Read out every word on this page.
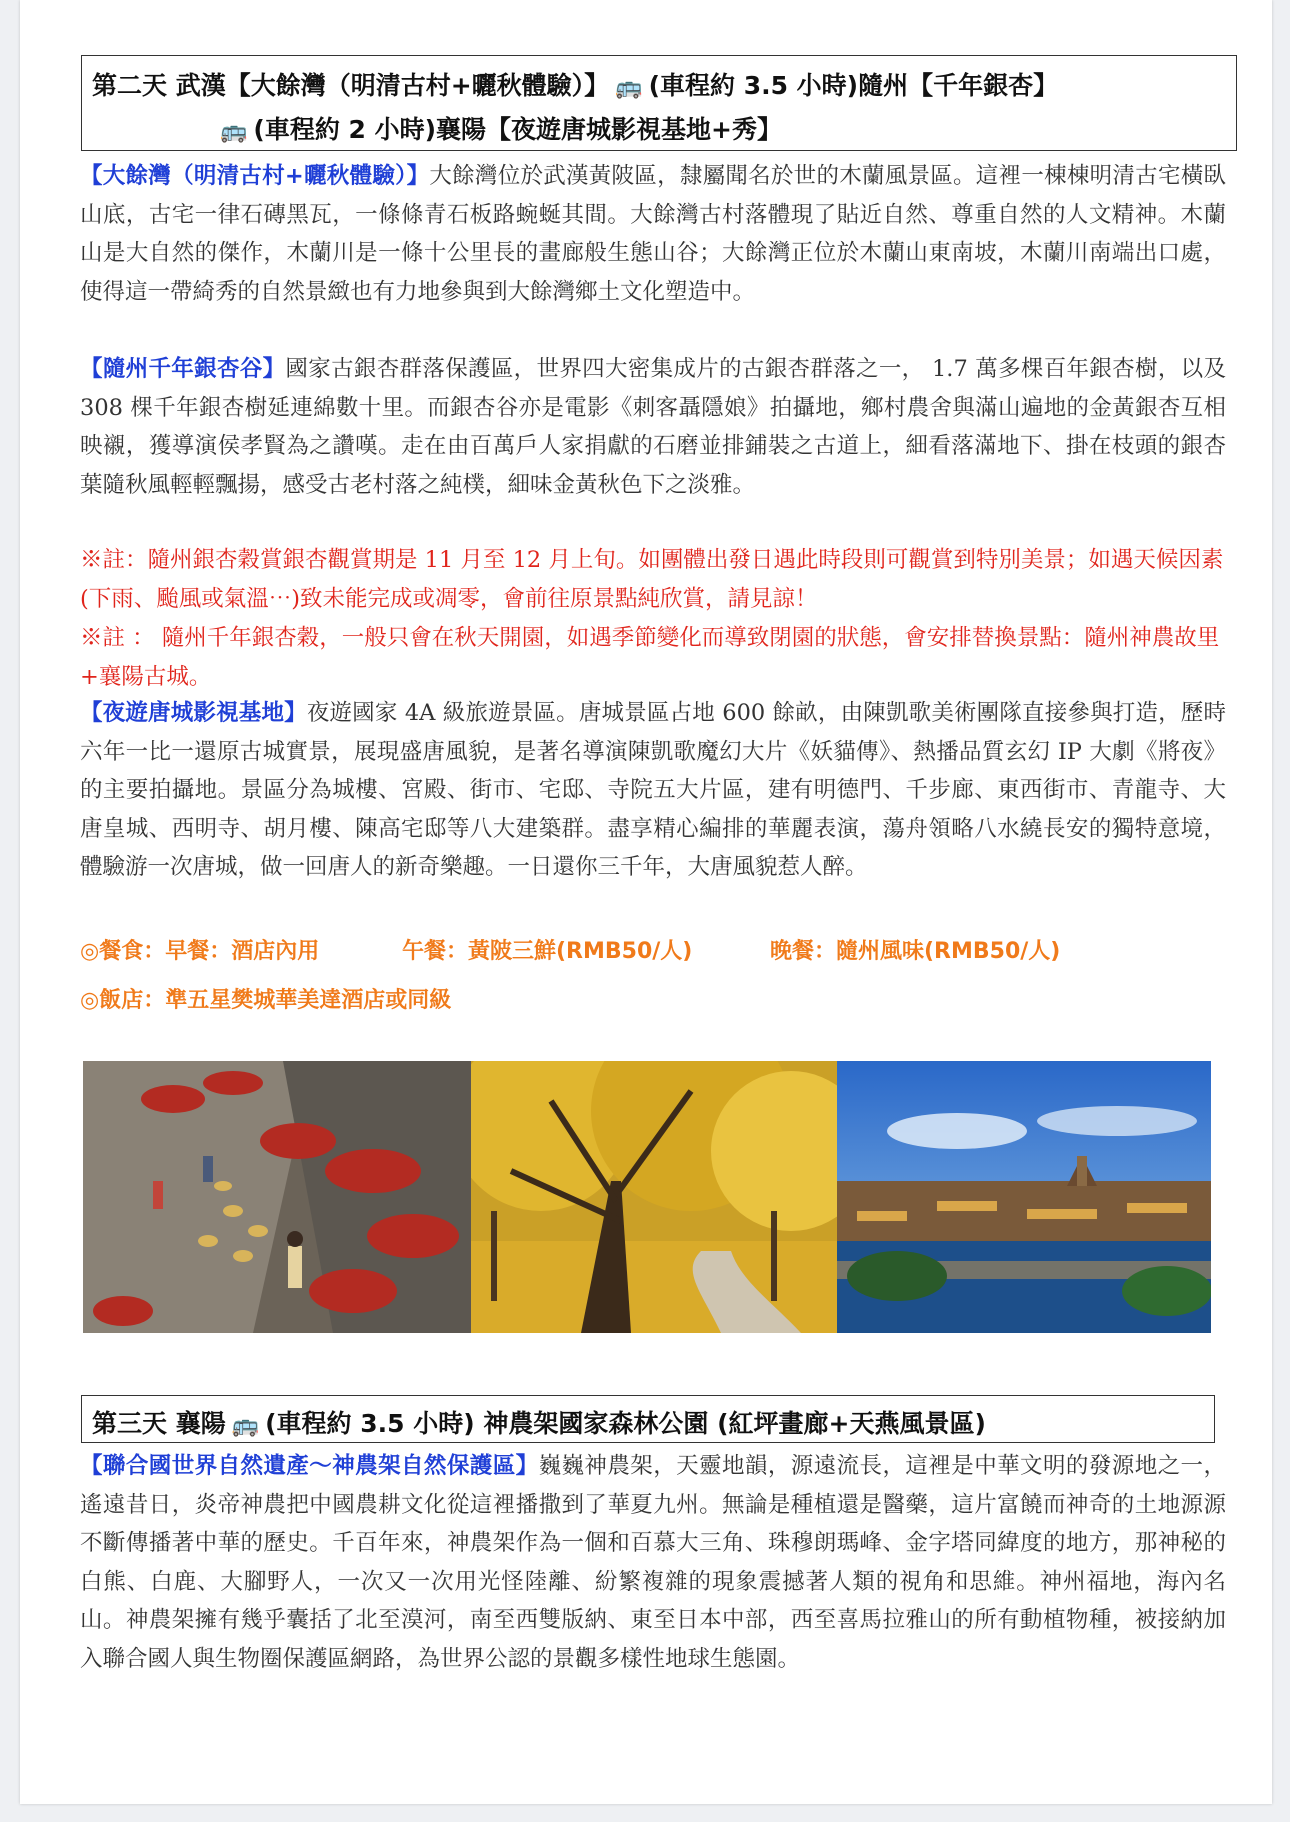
第二天 武漢【大餘灣（明清古村+曬秋體驗）】 🚌 (車程約 3.5 小時)隨州【千年銀杏】
🚌 (車程約 2 小時)襄陽【夜遊唐城影視基地+秀】
【大餘灣（明清古村+曬秋體驗）】大餘灣位於武漢黃陂區，隸屬聞名於世的木蘭風景區。這裡一棟棟明清古宅橫臥山底，古宅一律石磚黑瓦，一條條青石板路蜿蜒其間。大餘灣古村落體現了貼近自然、尊重自然的人文精神。木蘭山是大自然的傑作，木蘭川是一條十公里長的畫廊般生態山谷；大餘灣正位於木蘭山東南坡，木蘭川南端出口處，使得這一帶綺秀的自然景緻也有力地參與到大餘灣鄉土文化塑造中。
【隨州千年銀杏谷】國家古銀杏群落保護區，世界四大密集成片的古銀杏群落之一， 1.7 萬多棵百年銀杏樹，以及 308 棵千年銀杏樹延連綿數十里。而銀杏谷亦是電影《刺客聶隱娘》拍攝地，鄉村農舍與滿山遍地的金黃銀杏互相映襯，獲導演侯孝賢為之讚嘆。走在由百萬戶人家捐獻的石磨並排鋪裝之古道上，細看落滿地下、掛在枝頭的銀杏葉隨秋風輕輕飄揚，感受古老村落之純樸，細味金黃秋色下之淡雅。
※註：隨州銀杏穀賞銀杏觀賞期是 11 月至 12 月上旬。如團體出發日遇此時段則可觀賞到特別美景；如遇天候因素(下雨、颱風或氣溫⋯)致未能完成或凋零，會前往原景點純欣賞，請見諒！
※註 ： 隨州千年銀杏穀，一般只會在秋天開園，如遇季節變化而導致閉園的狀態，會安排替換景點：隨州神農故里+襄陽古城。
【夜遊唐城影視基地】夜遊國家 4A 級旅遊景區。唐城景區占地 600 餘畝，由陳凱歌美術團隊直接參與打造，歷時六年一比一還原古城實景，展現盛唐風貌，是著名導演陳凱歌魔幻大片《妖貓傳》、熱播品質玄幻 IP 大劇《將夜》的主要拍攝地。景區分為城樓、宮殿、街市、宅邸、寺院五大片區，建有明德門、千步廊、東西街市、青龍寺、大唐皇城、西明寺、胡月樓、陳高宅邸等八大建築群。盡享精心編排的華麗表演，蕩舟領略八水繞長安的獨特意境，體驗游一次唐城，做一回唐人的新奇樂趣。一日還你三千年，大唐風貌惹人醉。
◎餐食：早餐：酒店內用	午餐：黃陂三鮮(RMB50/人)	晚餐：隨州風味(RMB50/人)
◎飯店：準五星樊城華美達酒店或同級
第三天 襄陽 🚌 (車程約 3.5 小時) 神農架國家森林公園 (紅坪畫廊+天燕風景區)
【聯合國世界自然遺產～神農架自然保護區】巍巍神農架，天靈地韻，源遠流長，這裡是中華文明的發源地之一，遙遠昔日，炎帝神農把中國農耕文化從這裡播撒到了華夏九州。無論是種植還是醫藥，這片富饒而神奇的土地源源不斷傳播著中華的歷史。千百年來，神農架作為一個和百慕大三角、珠穆朗瑪峰、金字塔同緯度的地方，那神秘的白熊、白鹿、大腳野人，一次又一次用光怪陸離、紛繁複雜的現象震撼著人類的視角和思維。神州福地，海內名山。神農架擁有幾乎囊括了北至漠河，南至西雙版納、東至日本中部，西至喜馬拉雅山的所有動植物種，被接納加入聯合國人與生物圈保護區網路，為世界公認的景觀多樣性地球生態園。
